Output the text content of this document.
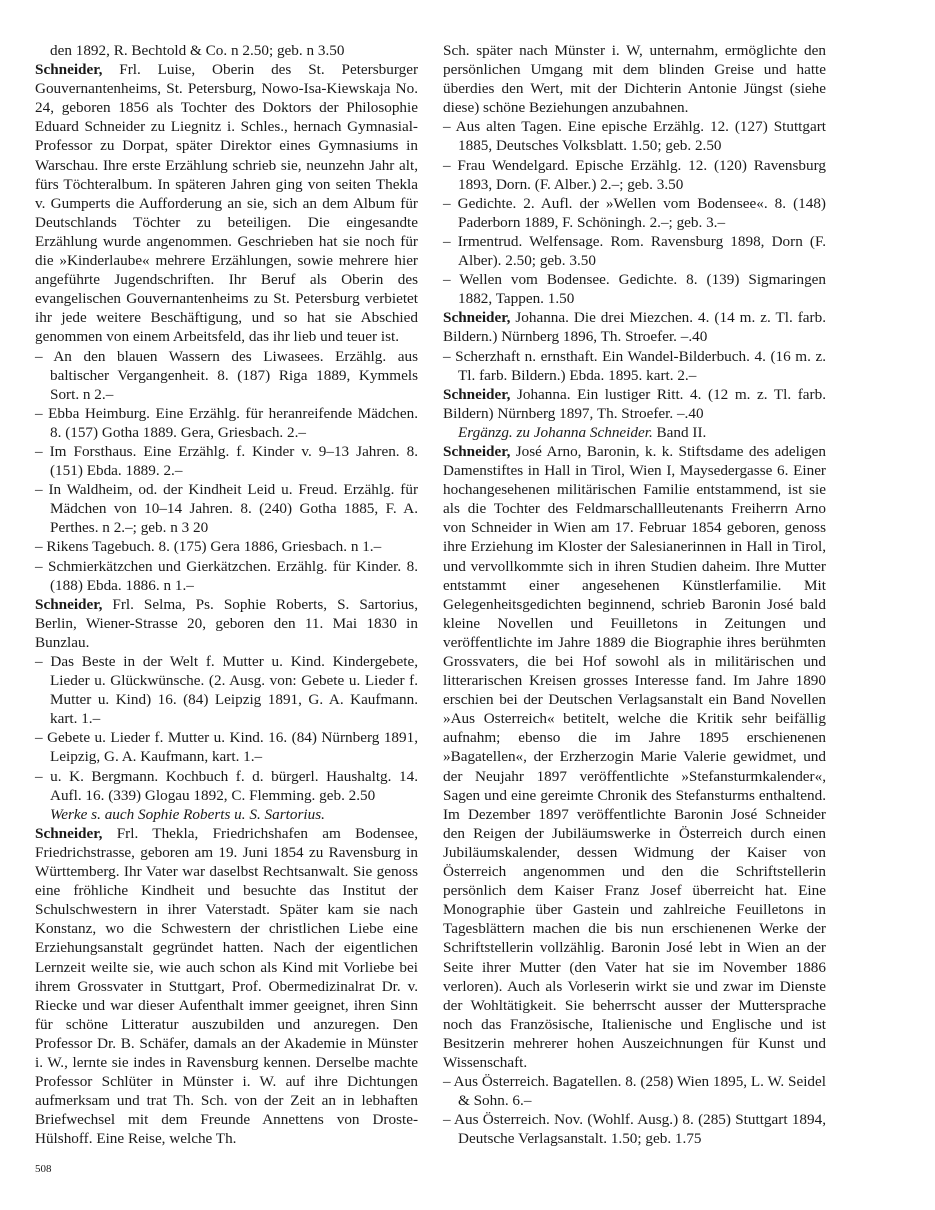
den 1892, R. Bechtold & Co. n 2.50; geb. n 3.50

Schneider, Frl. Luise, Oberin des St. Petersburger Gouvernantenheims, St. Petersburg, Nowo-Isa-Kiewskaja No. 24, geboren 1856 als Tochter des Doktors der Philosophie Eduard Schneider zu Liegnitz i. Schles., hernach Gymnasial-Professor zu Dorpat, später Direktor eines Gymnasiums in Warschau. Ihre erste Erzählung schrieb sie, neunzehn Jahr alt, fürs Töchteralbum. In späteren Jahren ging von seiten Thekla v. Gumperts die Aufforderung an sie, sich an dem Album für Deutschlands Töchter zu beteiligen. Die eingesandte Erzählung wurde angenommen. Geschrieben hat sie noch für die »Kinderlaube« mehrere Erzählungen, sowie mehrere hier angeführte Jugendschriften. Ihr Beruf als Oberin des evangelischen Gouvernantenheims zu St. Petersburg verbietet ihr jede weitere Beschäftigung, und so hat sie Abschied genommen von einem Arbeitsfeld, das ihr lieb und teuer ist.

– An den blauen Wassern des Liwasees. Erzählg. aus baltischer Vergangenheit. 8. (187) Riga 1889, Kymmels Sort. n 2.–

– Ebba Heimburg. Eine Erzählg. für heranreifende Mädchen. 8. (157) Gotha 1889. Gera, Griesbach. 2.–

– Im Forsthaus. Eine Erzählg. f. Kinder v. 9–13 Jahren. 8. (151) Ebda. 1889. 2.–

– In Waldheim, od. der Kindheit Leid u. Freud. Erzählg. für Mädchen von 10–14 Jahren. 8. (240) Gotha 1885, F. A. Perthes. n 2.–; geb. n 3 20

– Rikens Tagebuch. 8. (175) Gera 1886, Griesbach. n 1.–

– Schmierkätzchen und Gierkätzchen. Erzählg. für Kinder. 8. (188) Ebda. 1886. n 1.–

Schneider, Frl. Selma, Ps. Sophie Roberts, S. Sartorius, Berlin, Wiener-Strasse 20, geboren den 11. Mai 1830 in Bunzlau.

– Das Beste in der Welt f. Mutter u. Kind. Kindergebete, Lieder u. Glückwünsche. (2. Ausg. von: Gebete u. Lieder f. Mutter u. Kind) 16. (84) Leipzig 1891, G. A. Kaufmann. kart. 1.–

– Gebete u. Lieder f. Mutter u. Kind. 16. (84) Nürnberg 1891, Leipzig, G. A. Kaufmann, kart. 1.–

– u. K. Bergmann. Kochbuch f. d. bürgerl. Haushaltg. 14. Aufl. 16. (339) Glogau 1892, C. Flemming. geb. 2.50

Werke s. auch Sophie Roberts u. S. Sartorius.

Schneider, Frl. Thekla, Friedrichshafen am Bodensee, Friedrichstrasse, geboren am 19. Juni 1854 zu Ravensburg in Württemberg. Ihr Vater war daselbst Rechtsanwalt. Sie genoss eine fröhliche Kindheit und besuchte das Institut der Schulschwestern in ihrer Vaterstadt. Später kam sie nach Konstanz, wo die Schwestern der christlichen Liebe eine Erziehungsanstalt gegründet hatten. Nach der eigentlichen Lernzeit weilte sie, wie auch schon als Kind mit Vorliebe bei ihrem Grossvater in Stuttgart, Prof. Obermedizinalrat Dr. v. Riecke und war dieser Aufenthalt immer geeignet, ihren Sinn für schöne Litteratur auszubilden und anzuregen. Den Professor Dr. B. Schäfer, damals an der Akademie in Münster i. W., lernte sie indes in Ravensburg kennen. Derselbe machte Professor Schlüter in Münster i. W. auf ihre Dichtungen aufmerksam und trat Th. Sch. von der Zeit an in lebhaften Briefwechsel mit dem Freunde Annettens von Droste-Hülshoff. Eine Reise, welche Th.

Sch. später nach Münster i. W, unternahm, ermöglichte den persönlichen Umgang mit dem blinden Greise und hatte überdies den Wert, mit der Dichterin Antonie Jüngst (siehe diese) schöne Beziehungen anzubahnen.

– Aus alten Tagen. Eine epische Erzählg. 12. (127) Stuttgart 1885, Deutsches Volksblatt. 1.50; geb. 2.50

– Frau Wendelgard. Epische Erzählg. 12. (120) Ravensburg 1893, Dorn. (F. Alber.) 2.–; geb. 3.50

– Gedichte. 2. Aufl. der »Wellen vom Bodensee«. 8. (148) Paderborn 1889, F. Schöningh. 2.–; geb. 3.–

– Irmentrud. Welfensage. Rom. Ravensburg 1898, Dorn (F. Alber). 2.50; geb. 3.50

– Wellen vom Bodensee. Gedichte. 8. (139) Sigmaringen 1882, Tappen. 1.50

Schneider, Johanna. Die drei Miezchen. 4. (14 m. z. Tl. farb. Bildern.) Nürnberg 1896, Th. Stroefer. –.40

– Scherzhaft n. ernsthaft. Ein Wandel-Bilderbuch. 4. (16 m. z. Tl. farb. Bildern.) Ebda. 1895. kart. 2.–

Schneider, Johanna. Ein lustiger Ritt. 4. (12 m. z. Tl. farb. Bildern) Nürnberg 1897, Th. Stroefer. –.40

Ergänzg. zu Johanna Schneider. Band II.

Schneider, José Arno, Baronin, k. k. Stiftsdame des adeligen Damenstiftes in Hall in Tirol, Wien I, Maysedergasse 6. Einer hochangesehenen militärischen Familie entstammend, ist sie als die Tochter des Feldmarschallleutenants Freiherrn Arno von Schneider in Wien am 17. Februar 1854 geboren, genoss ihre Erziehung im Kloster der Salesianerinnen in Hall in Tirol, und vervollkommte sich in ihren Studien daheim. Ihre Mutter entstammt einer angesehenen Künstlerfamilie. Mit Gelegenheitsgedichten beginnend, schrieb Baronin José bald kleine Novellen und Feuilletons in Zeitungen und veröffentlichte im Jahre 1889 die Biographie ihres berühmten Grossvaters, die bei Hof sowohl als in militärischen und litterarischen Kreisen grosses Interesse fand. Im Jahre 1890 erschien bei der Deutschen Verlagsanstalt ein Band Novellen »Aus Osterreich« betitelt, welche die Kritik sehr beifällig aufnahm; ebenso die im Jahre 1895 erschienenen »Bagatellen«, der Erzherzogin Marie Valerie gewidmet, und der Neujahr 1897 veröffentlichte »Stefansturmkalender«, Sagen und eine gereimte Chronik des Stefansturms enthaltend. Im Dezember 1897 veröffentlichte Baronin José Schneider den Reigen der Jubiläumswerke in Österreich durch einen Jubiläumskalender, dessen Widmung der Kaiser von Österreich angenommen und den die Schriftstellerin persönlich dem Kaiser Franz Josef überreicht hat. Eine Monographie über Gastein und zahlreiche Feuilletons in Tagesblättern machen die bis nun erschienenen Werke der Schriftstellerin vollzählig. Baronin José lebt in Wien an der Seite ihrer Mutter (den Vater hat sie im November 1886 verloren). Auch als Vorleserin wirkt sie und zwar im Dienste der Wohltätigkeit. Sie beherrscht ausser der Muttersprache noch das Französische, Italienische und Englische und ist Besitzerin mehrerer hohen Auszeichnungen für Kunst und Wissenschaft.

– Aus Österreich. Bagatellen. 8. (258) Wien 1895, L. W. Seidel & Sohn. 6.–

– Aus Österreich. Nov. (Wohlf. Ausg.) 8. (285) Stuttgart 1894, Deutsche Verlagsanstalt. 1.50; geb. 1.75

508
